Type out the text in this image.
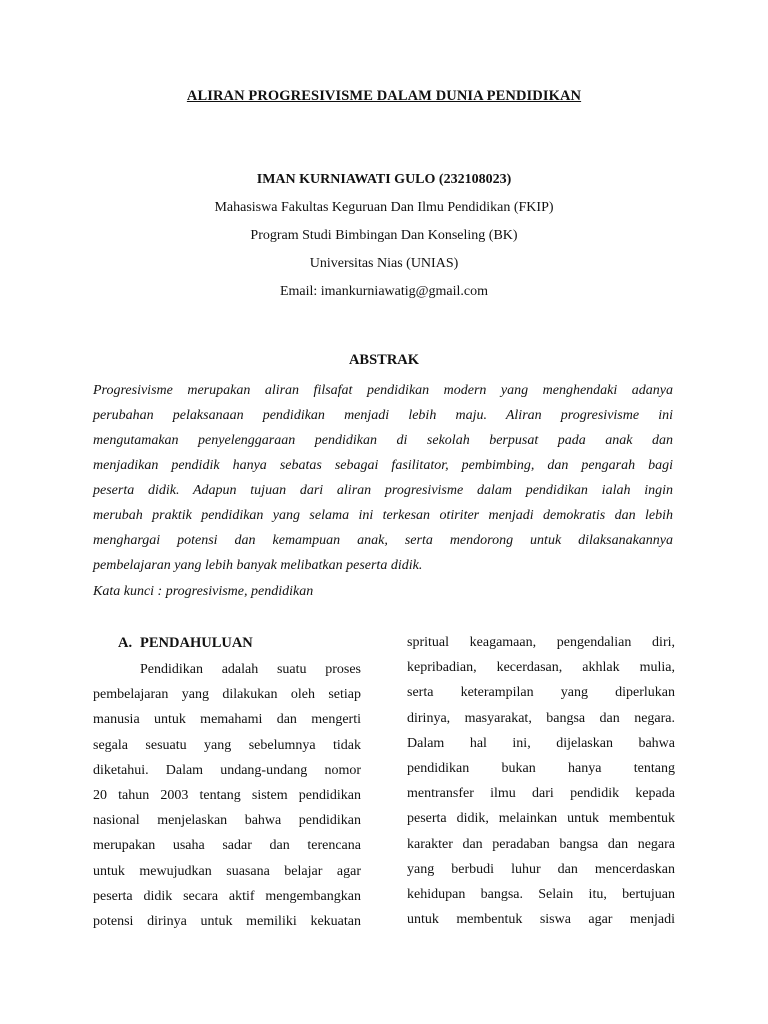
ALIRAN PROGRESIVISME DALAM DUNIA PENDIDIKAN
IMAN KURNIAWATI GULO (232108023)
Mahasiswa Fakultas Keguruan Dan Ilmu Pendidikan (FKIP)
Program Studi Bimbingan Dan Konseling (BK)
Universitas Nias (UNIAS)
Email: imankurniawatig@gmail.com
ABSTRAK
Progresivisme merupakan aliran filsafat pendidikan modern yang menghendaki adanya
perubahan pelaksanaan pendidikan menjadi lebih maju. Aliran progresivisme ini
mengutamakan penyelenggaraan pendidikan di sekolah berpusat pada anak dan
menjadikan pendidik hanya sebatas sebagai fasilitator, pembimbing, dan pengarah bagi
peserta didik. Adapun tujuan dari aliran progresivisme dalam pendidikan ialah ingin
merubah praktik pendidikan yang selama ini terkesan otiriter menjadi demokratis dan lebih
menghargai potensi dan kemampuan anak, serta mendorong untuk dilaksanakannya
pembelajaran yang lebih banyak melibatkan peserta didik.
Kata kunci : progresivisme, pendidikan
A. PENDAHULUAN
Pendidikan adalah suatu proses
pembelajaran yang dilakukan oleh setiap
manusia untuk memahami dan mengerti
segala sesuatu yang sebelumnya tidak
diketahui. Dalam undang-undang nomor
20 tahun 2003 tentang sistem pendidikan
nasional menjelaskan bahwa pendidikan
merupakan usaha sadar dan terencana
untuk mewujudkan suasana belajar agar
peserta didik secara aktif mengembangkan
potensi dirinya untuk memiliki kekuatan
spritual keagamaan, pengendalian diri,
kepribadian, kecerdasan, akhlak mulia,
serta keterampilan yang diperlukan
dirinya, masyarakat, bangsa dan negara.
Dalam hal ini, dijelaskan bahwa
pendidikan bukan hanya tentang
mentransfer ilmu dari pendidik kepada
peserta didik, melainkan untuk membentuk
karakter dan peradaban bangsa dan negara
yang berbudi luhur dan mencerdaskan
kehidupan bangsa. Selain itu, bertujuan
untuk membentuk siswa agar menjadi
